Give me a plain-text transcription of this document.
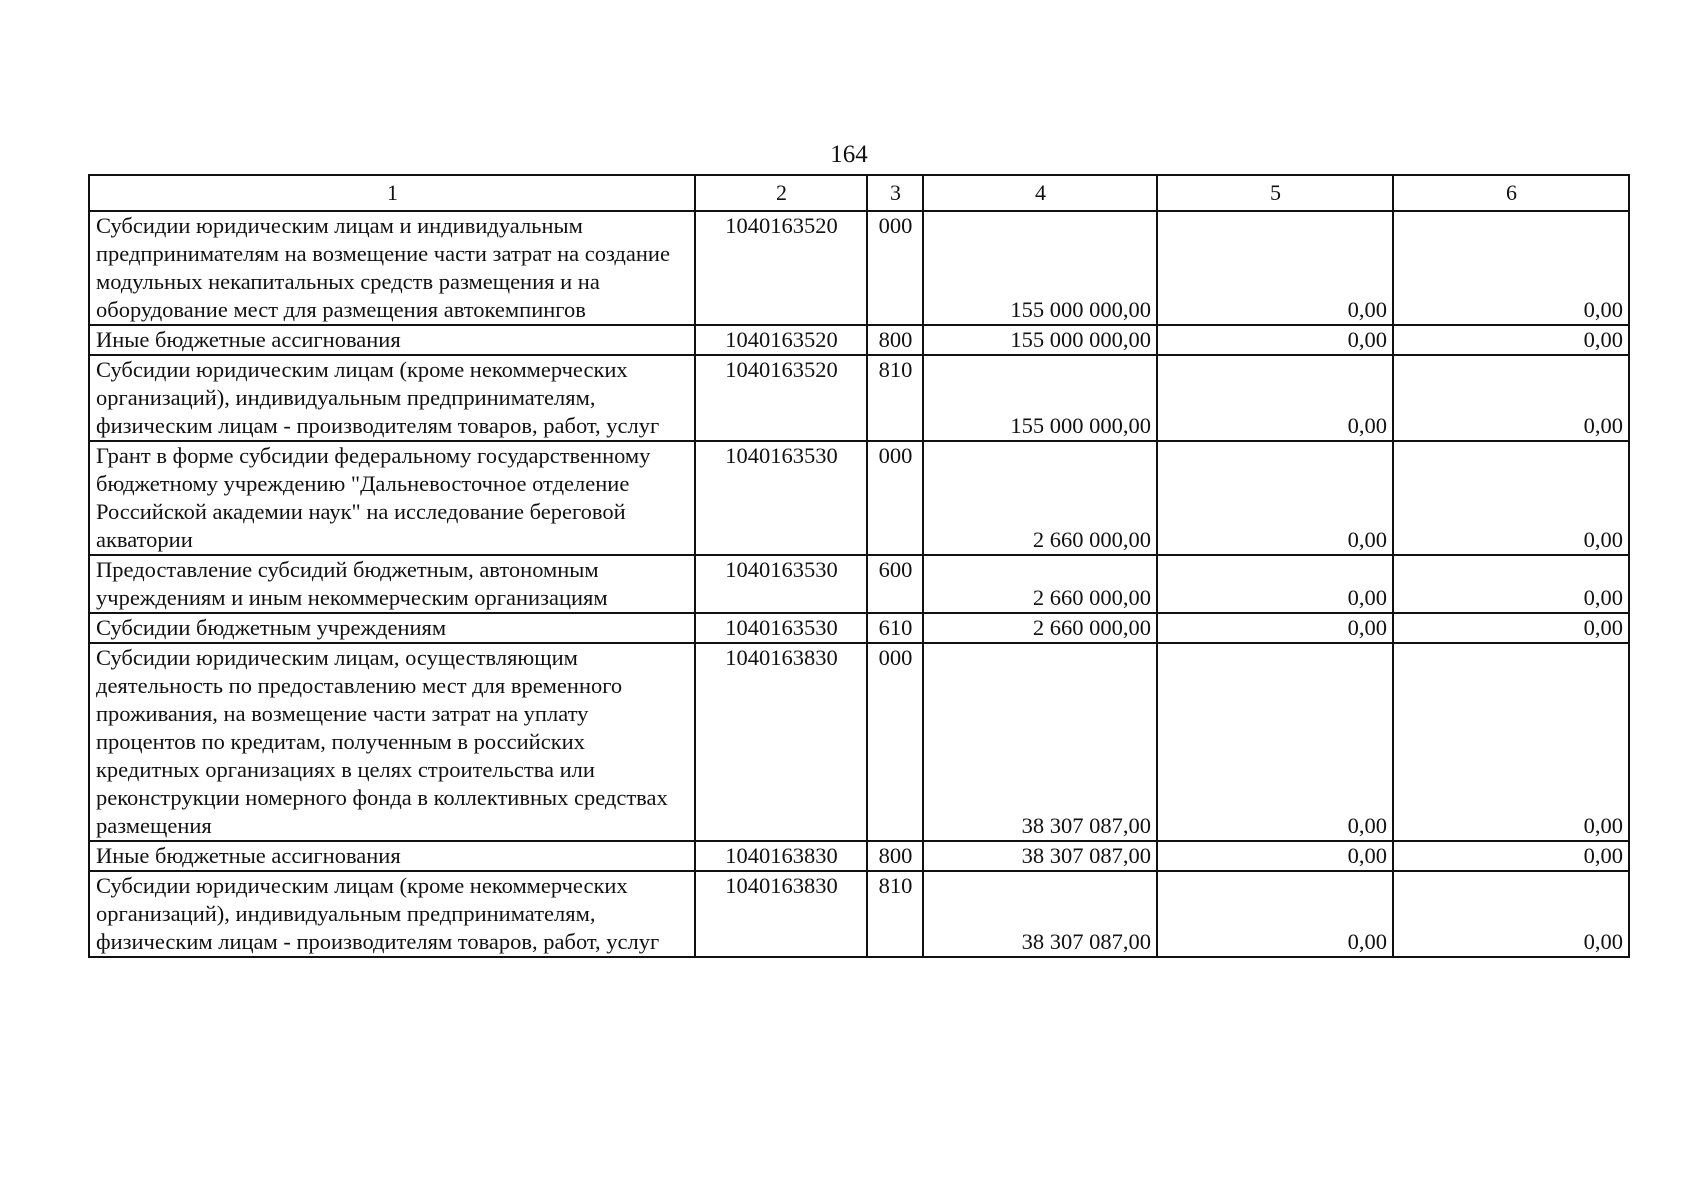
164
1	2	3	4	5	6
Субсидии юридическим лицам и индивидуальным предпринимателям на возмещение части затрат на создание модульных некапитальных средств размещения и на оборудование мест для размещения автокемпингов	1040163520	000	155 000 000,00	0,00	0,00
Иные бюджетные ассигнования	1040163520	800	155 000 000,00	0,00	0,00
Субсидии юридическим лицам (кроме некоммерческих организаций), индивидуальным предпринимателям, физическим лицам - производителям товаров, работ, услуг	1040163520	810	155 000 000,00	0,00	0,00
Грант в форме субсидии федеральному государственному бюджетному учреждению "Дальневосточное отделение Российской академии наук" на исследование береговой акватории	1040163530	000	2 660 000,00	0,00	0,00
Предоставление субсидий бюджетным, автономным учреждениям и иным некоммерческим организациям	1040163530	600	2 660 000,00	0,00	0,00
Субсидии бюджетным учреждениям	1040163530	610	2 660 000,00	0,00	0,00
Субсидии юридическим лицам, осуществляющим деятельность по предоставлению мест для временного проживания, на возмещение части затрат на уплату процентов по кредитам, полученным в российских кредитных организациях в целях строительства или реконструкции номерного фонда в коллективных средствах размещения	1040163830	000	38 307 087,00	0,00	0,00
Иные бюджетные ассигнования	1040163830	800	38 307 087,00	0,00	0,00
Субсидии юридическим лицам (кроме некоммерческих организаций), индивидуальным предпринимателям, физическим лицам - производителям товаров, работ, услуг	1040163830	810	38 307 087,00	0,00	0,00
